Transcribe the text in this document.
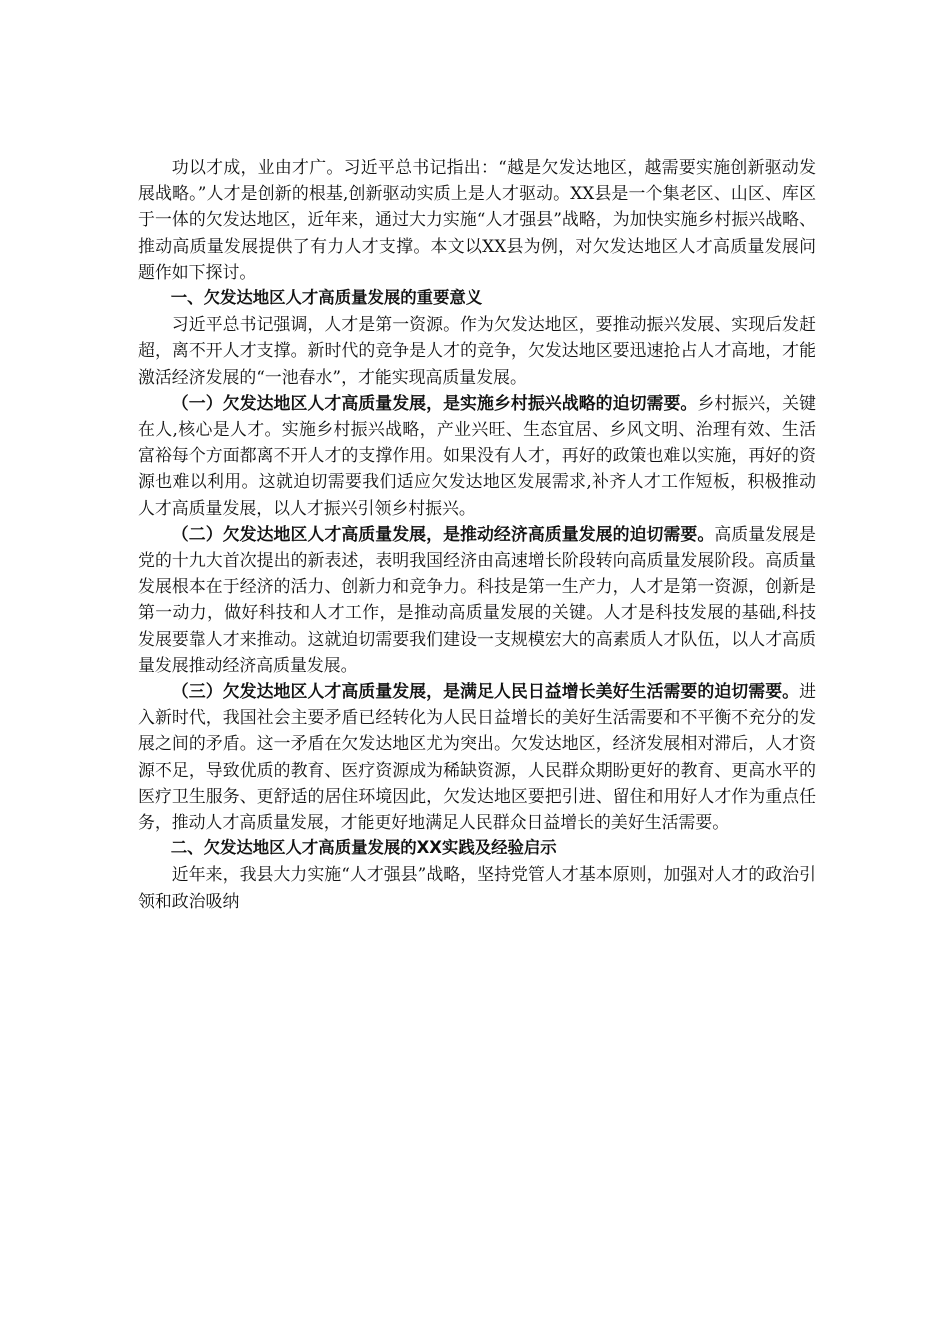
功以才成，业由才广。习近平总书记指出：“越是欠发达地区，越需要实施创新驱动发展战略。”人才是创新的根基,创新驱动实质上是人才驱动。XX县是一个集老区、山区、库区于一体的欠发达地区，近年来，通过大力实施“人才强县”战略，为加快实施乡村振兴战略、推动高质量发展提供了有力人才支撑。本文以XX县为例，对欠发达地区人才高质量发展问题作如下探讨。

一、欠发达地区人才高质量发展的重要意义

习近平总书记强调，人才是第一资源。作为欠发达地区，要推动振兴发展、实现后发赶超，离不开人才支撑。新时代的竞争是人才的竞争，欠发达地区要迅速抢占人才高地，才能激活经济发展的“一池春水”，才能实现高质量发展。

（一）欠发达地区人才高质量发展，是实施乡村振兴战略的迫切需要。乡村振兴，关键在人,核心是人才。实施乡村振兴战略，产业兴旺、生态宜居、乡风文明、治理有效、生活富裕每个方面都离不开人才的支撑作用。如果没有人才，再好的政策也难以实施，再好的资源也难以利用。这就迫切需要我们适应欠发达地区发展需求,补齐人才工作短板，积极推动人才高质量发展，以人才振兴引领乡村振兴。

（二）欠发达地区人才高质量发展，是推动经济高质量发展的迫切需要。高质量发展是党的十九大首次提出的新表述，表明我国经济由高速增长阶段转向高质量发展阶段。高质量发展根本在于经济的活力、创新力和竞争力。科技是第一生产力，人才是第一资源，创新是第一动力，做好科技和人才工作，是推动高质量发展的关键。人才是科技发展的基础,科技发展要靠人才来推动。这就迫切需要我们建设一支规模宏大的高素质人才队伍，以人才高质量发展推动经济高质量发展。

（三）欠发达地区人才高质量发展，是满足人民日益增长美好生活需要的迫切需要。进入新时代，我国社会主要矛盾已经转化为人民日益增长的美好生活需要和不平衡不充分的发展之间的矛盾。这一矛盾在欠发达地区尤为突出。欠发达地区，经济发展相对滞后，人才资源不足，导致优质的教育、医疗资源成为稀缺资源，人民群众期盼更好的教育、更高水平的医疗卫生服务、更舒适的居住环境因此，欠发达地区要把引进、留住和用好人才作为重点任务，推动人才高质量发展，才能更好地满足人民群众日益增长的美好生活需要。

二、欠发达地区人才高质量发展的XX实践及经验启示

近年来，我县大力实施“人才强县”战略，坚持党管人才基本原则，加强对人才的政治引领和政治吸纳
